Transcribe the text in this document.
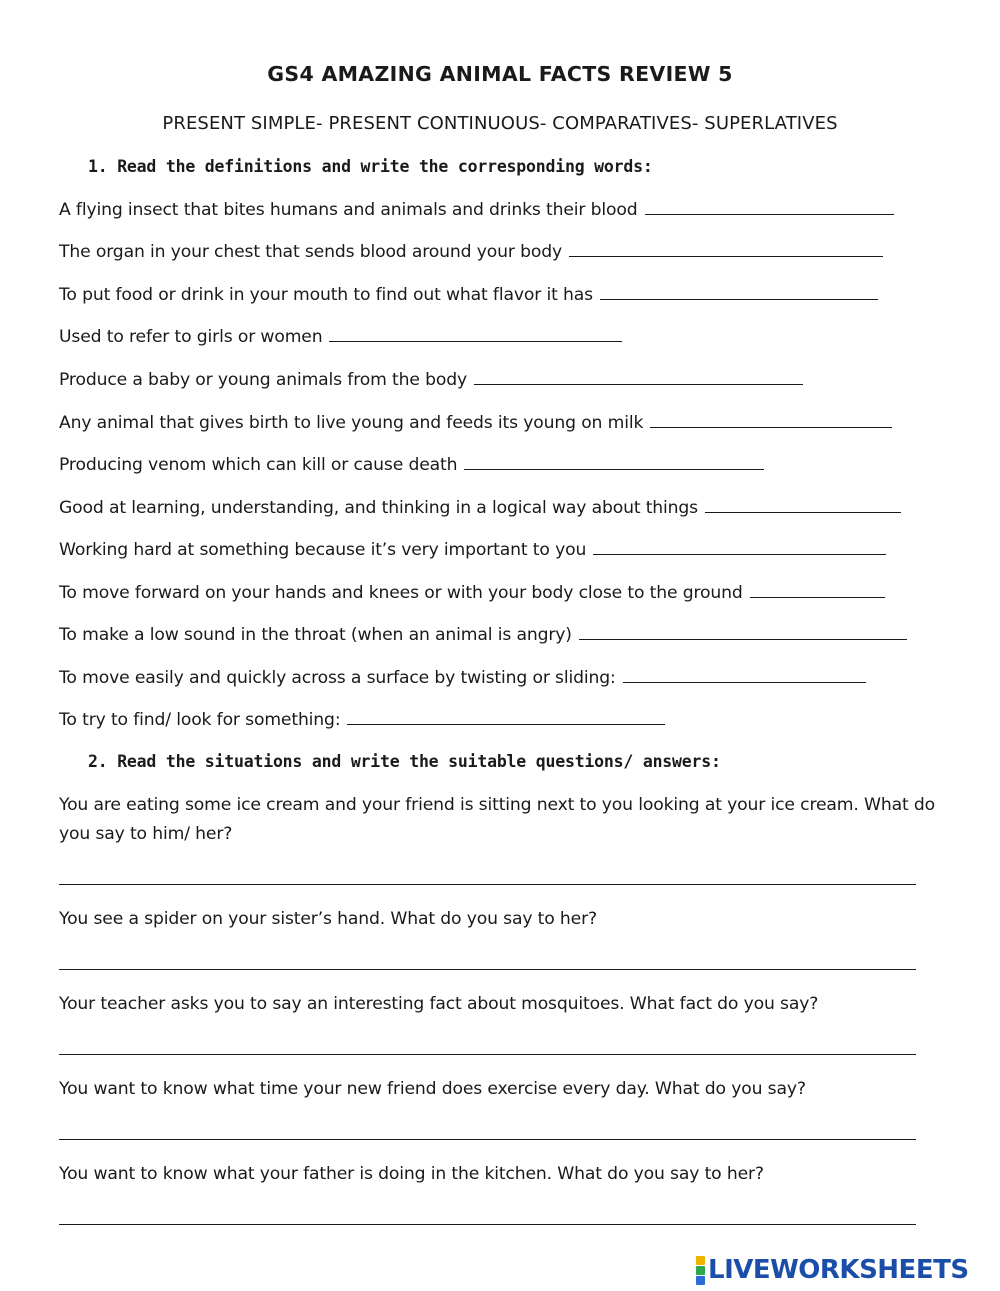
GS4 AMAZING ANIMAL FACTS REVIEW 5
PRESENT SIMPLE- PRESENT CONTINUOUS- COMPARATIVES- SUPERLATIVES
1. Read the definitions and write the corresponding words:
A flying insect that bites humans and animals and drinks their blood
The organ in your chest that sends blood around your body
To put food or drink in your mouth to find out what flavor it has
Used to refer to girls or women
Produce a baby or young animals from the body
Any animal that gives birth to live young and feeds its young on milk
Producing venom which can kill or cause death
Good at learning, understanding, and thinking in a logical way about things
Working hard at something because it’s very important to you
To move forward on your hands and knees or with your body close to the ground
To make a low sound in the throat (when an animal is angry)
To move easily and quickly across a surface by twisting or sliding:
To try to find/ look for something:
2. Read the situations and write the suitable questions/ answers:
You are eating some ice cream and your friend is sitting next to you looking at your ice cream. What do you say to him/ her?
You see a spider on your sister’s hand. What do you say to her?
Your teacher asks you to say an interesting fact about mosquitoes. What fact do you say?
You want to know what time your new friend does exercise every day. What do you say?
You want to know what your father is doing in the kitchen. What do you say to her?
LIVEWORKSHEETS
